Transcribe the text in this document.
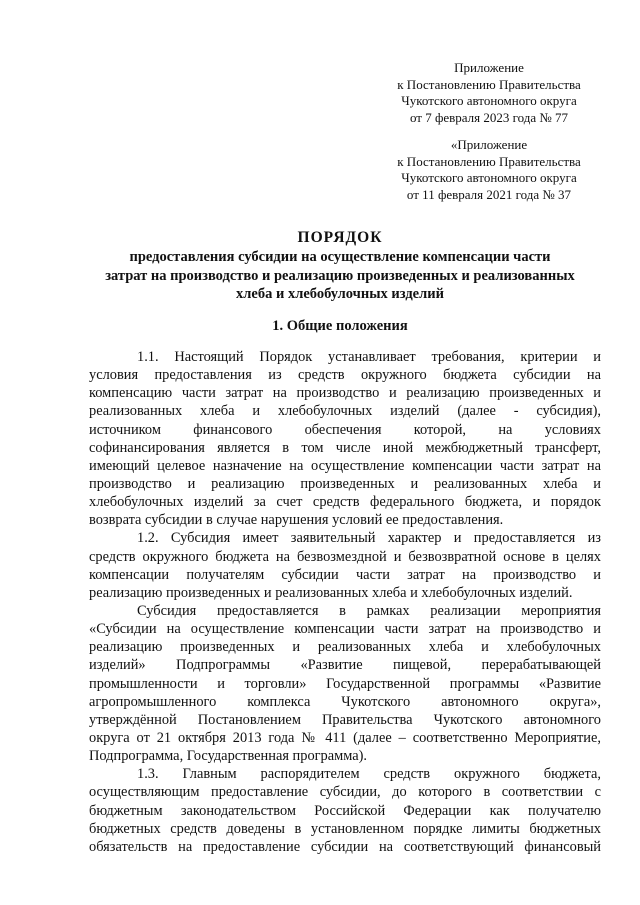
Приложение
к Постановлению Правительства
Чукотского автономного округа
от 7 февраля 2023 года № 77
«Приложение
к Постановлению Правительства
Чукотского автономного округа
от 11 февраля 2021 года № 37
ПОРЯДОК
предоставления субсидии на осуществление компенсации части
затрат на производство и реализацию произведенных и реализованных
хлеба и хлебобулочных изделий
1. Общие положения

1.1. Настоящий Порядок устанавливает требования, критерии и
условия предоставления из средств окружного бюджета субсидии на
компенсацию части затрат на производство и реализацию произведенных и
реализованных хлеба и хлебобулочных изделий (далее - субсидия),
источником финансового обеспечения которой, на условиях
софинансирования является в том числе иной межбюджетный трансферт,
имеющий целевое назначение на осуществление компенсации части затрат на
производство и реализацию произведенных и реализованных хлеба и
хлебобулочных изделий за счет средств федерального бюджета, и порядок
возврата субсидии в случае нарушения условий ее предоставления.

1.2. Субсидия имеет заявительный характер и предоставляется из
средств окружного бюджета на безвозмездной и безвозвратной основе в целях
компенсации получателям субсидии части затрат на производство и
реализацию произведенных и реализованных хлеба и хлебобулочных изделий.

Субсидия предоставляется в рамках реализации мероприятия
«Субсидии на осуществление компенсации части затрат на производство и
реализацию произведенных и реализованных хлеба и хлебобулочных
изделий» Подпрограммы «Развитие пищевой, перерабатывающей
промышленности и торговли» Государственной программы «Развитие
агропромышленного комплекса Чукотского автономного округа»,
утверждённой Постановлением Правительства Чукотского автономного
округа от 21 октября 2013 года № 411 (далее – соответственно Мероприятие,
Подпрограмма, Государственная программа).

1.3. Главным распорядителем средств окружного бюджета,
осуществляющим предоставление субсидии, до которого в соответствии с
бюджетным законодательством Российской Федерации как получателю
бюджетных средств доведены в установленном порядке лимиты бюджетных
обязательств на предоставление субсидии на соответствующий финансовый
